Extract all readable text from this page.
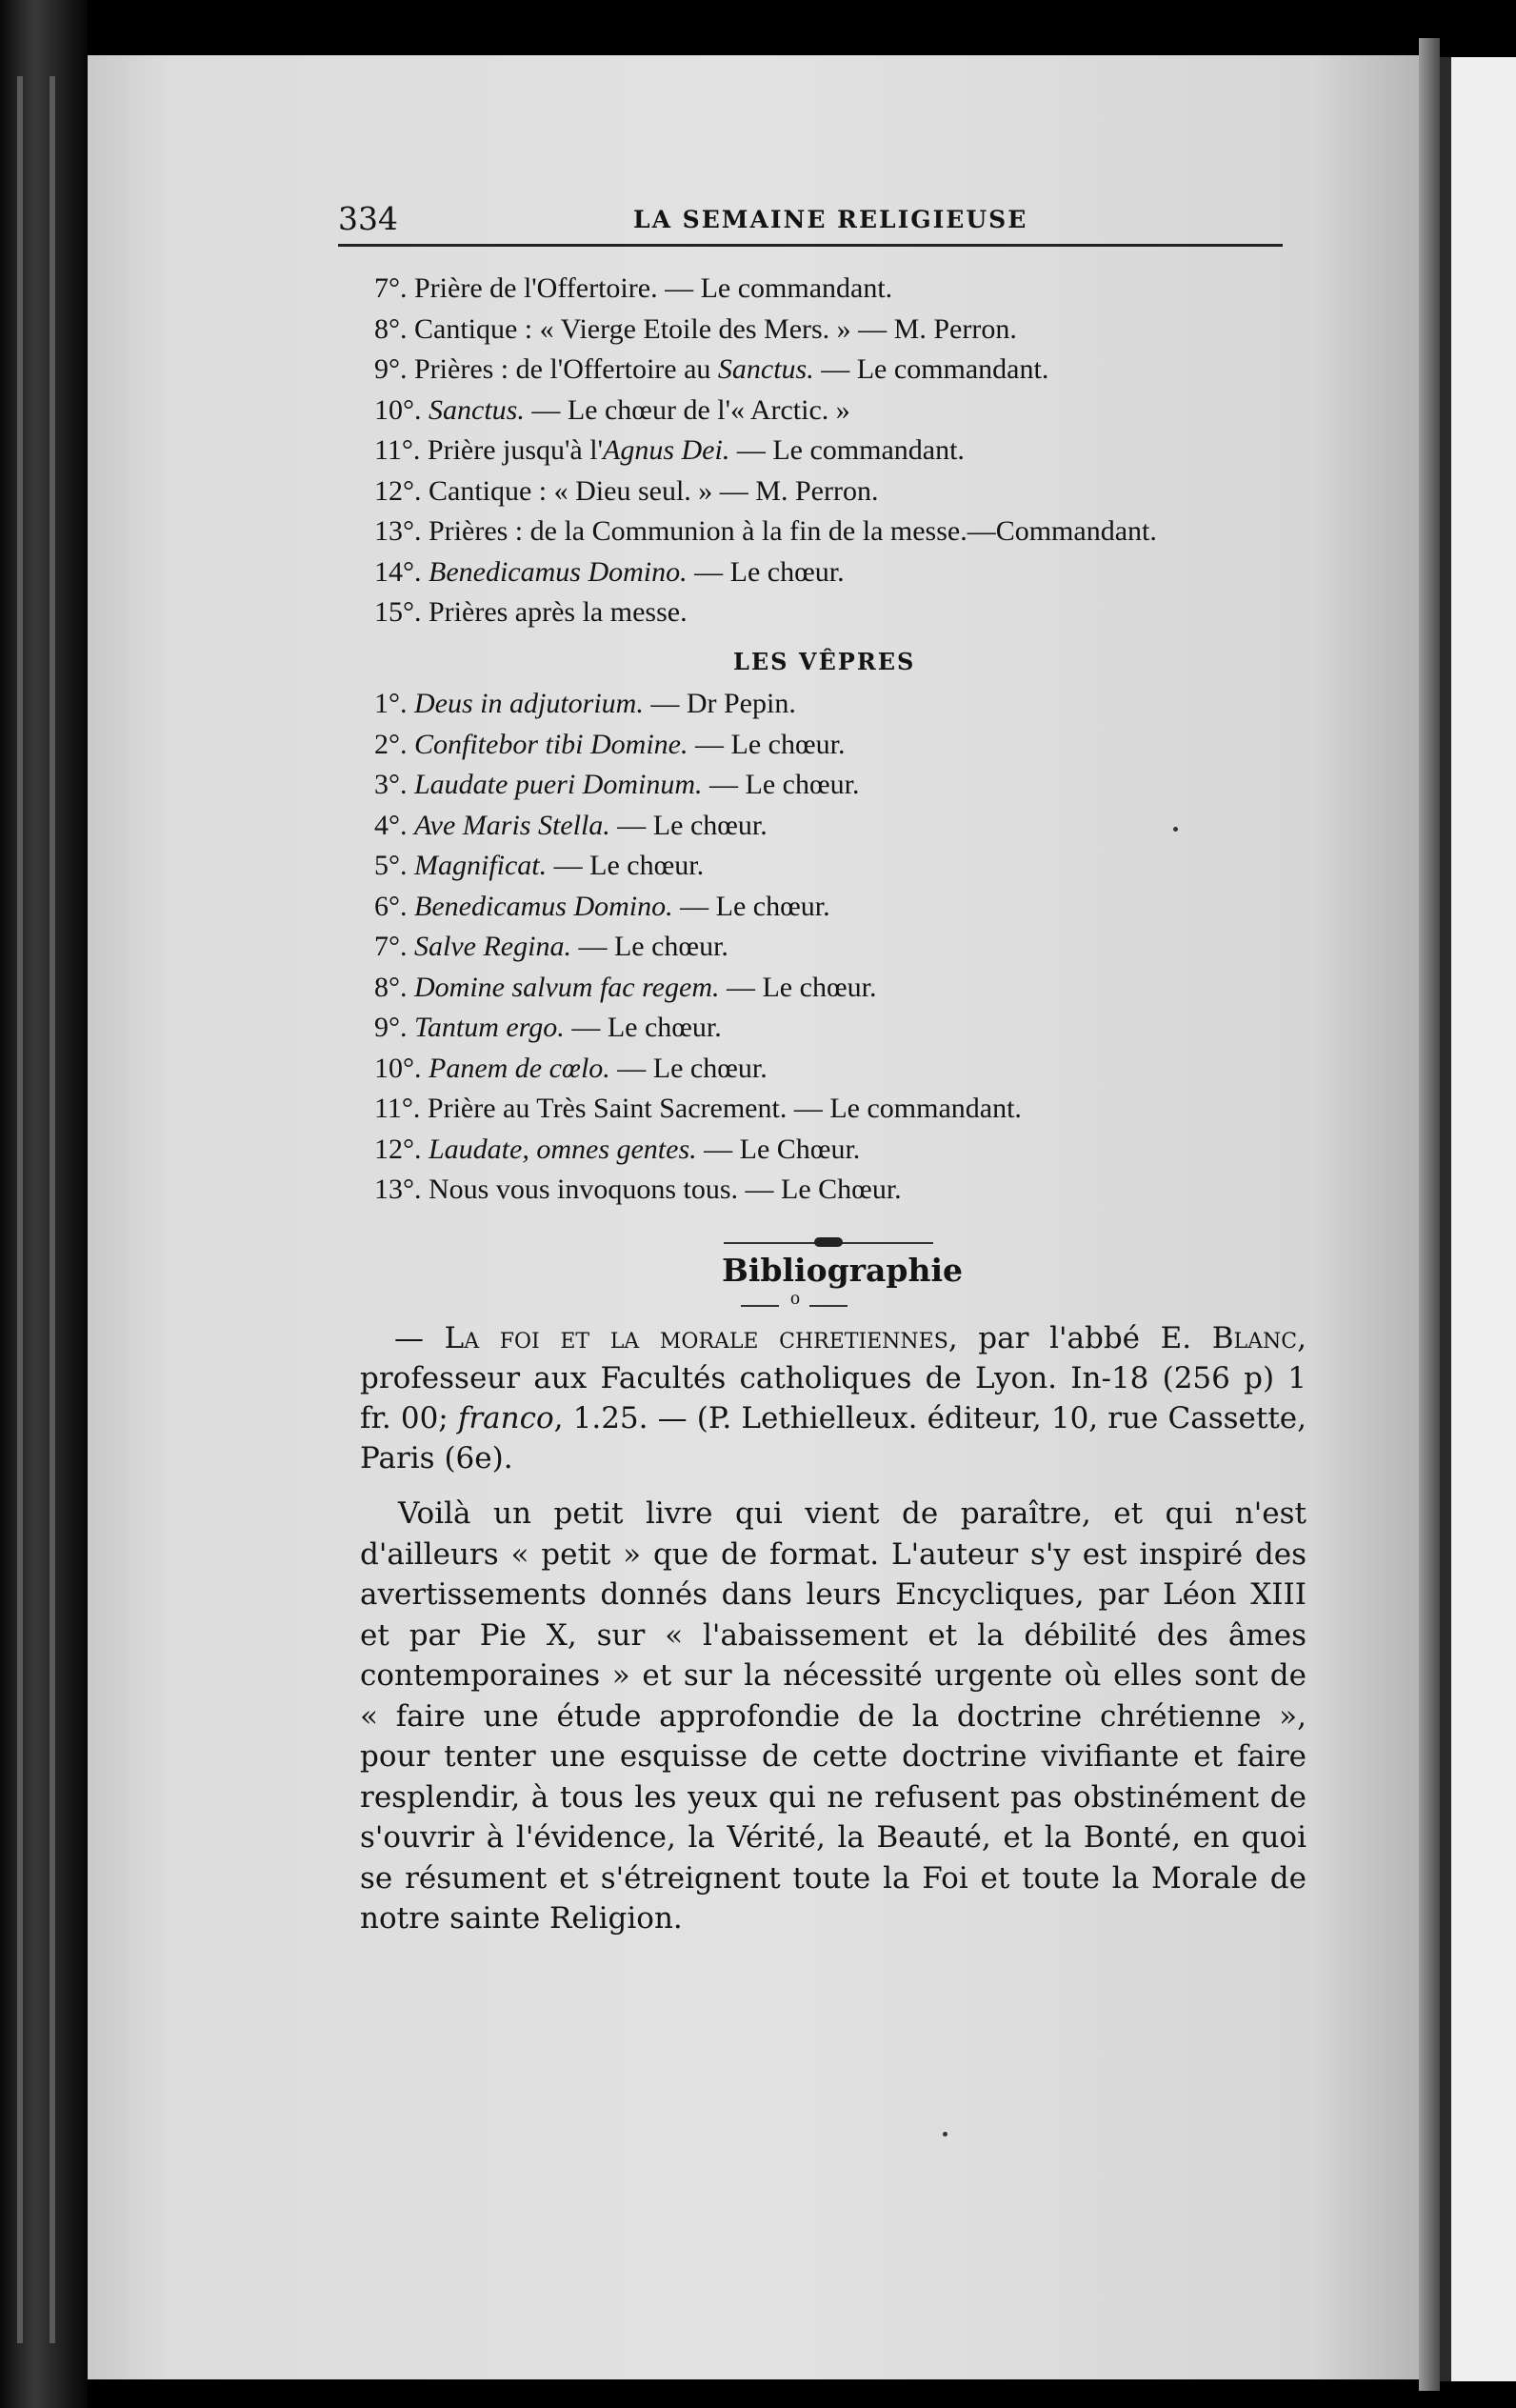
334	LA SEMAINE RELIGIEUSE
7°. Prière de l'Offertoire. — Le commandant.
8°. Cantique : « Vierge Etoile des Mers. » — M. Perron.
9°. Prières : de l'Offertoire au Sanctus. — Le commandant.
10°. Sanctus. — Le chœur de l'« Arctic. »
11°. Prière jusqu'à l'Agnus Dei. — Le commandant.
12°. Cantique : « Dieu seul. » — M. Perron.
13°. Prières : de la Communion à la fin de la messe.—Commandant.
14°. Benedicamus Domino. — Le chœur.
15°. Prières après la messe.
LES VÊPRES
1°. Deus in adjutorium. — Dr Pepin.
2°. Confitebor tibi Domine. — Le chœur.
3°. Laudate pueri Dominum. — Le chœur.
4°. Ave Maris Stella. — Le chœur.
5°. Magnificat. — Le chœur.
6°. Benedicamus Domino. — Le chœur.
7°. Salve Regina. — Le chœur.
8°. Domine salvum fac regem. — Le chœur.
9°. Tantum ergo. — Le chœur.
10°. Panem de cœlo. — Le chœur.
11°. Prière au Très Saint Sacrement. — Le commandant.
12°. Laudate, omnes gentes. — Le Chœur.
13°. Nous vous invoquons tous. — Le Chœur.
Bibliographie
o
— La foi et la morale chretiennes, par l'abbé E. Blanc, professeur aux Facultés catholiques de Lyon. In-18 (256 p) 1 fr. 00; franco, 1.25. — (P. Lethielleux. éditeur, 10, rue Cassette, Paris (6e).
Voilà un petit livre qui vient de paraître, et qui n'est d'ailleurs « petit » que de format. L'auteur s'y est inspiré des avertissements donnés dans leurs Encycliques, par Léon XIII et par Pie X, sur « l'abaissement et la débilité des âmes contemporaines » et sur la nécessité urgente où elles sont de « faire une étude approfondie de la doctrine chrétienne », pour tenter une esquisse de cette doctrine vivifiante et faire resplendir, à tous les yeux qui ne refusent pas obstinément de s'ouvrir à l'évidence, la Vérité, la Beauté, et la Bonté, en quoi se résument et s'étreignent toute la Foi et toute la Morale de notre sainte Religion.
